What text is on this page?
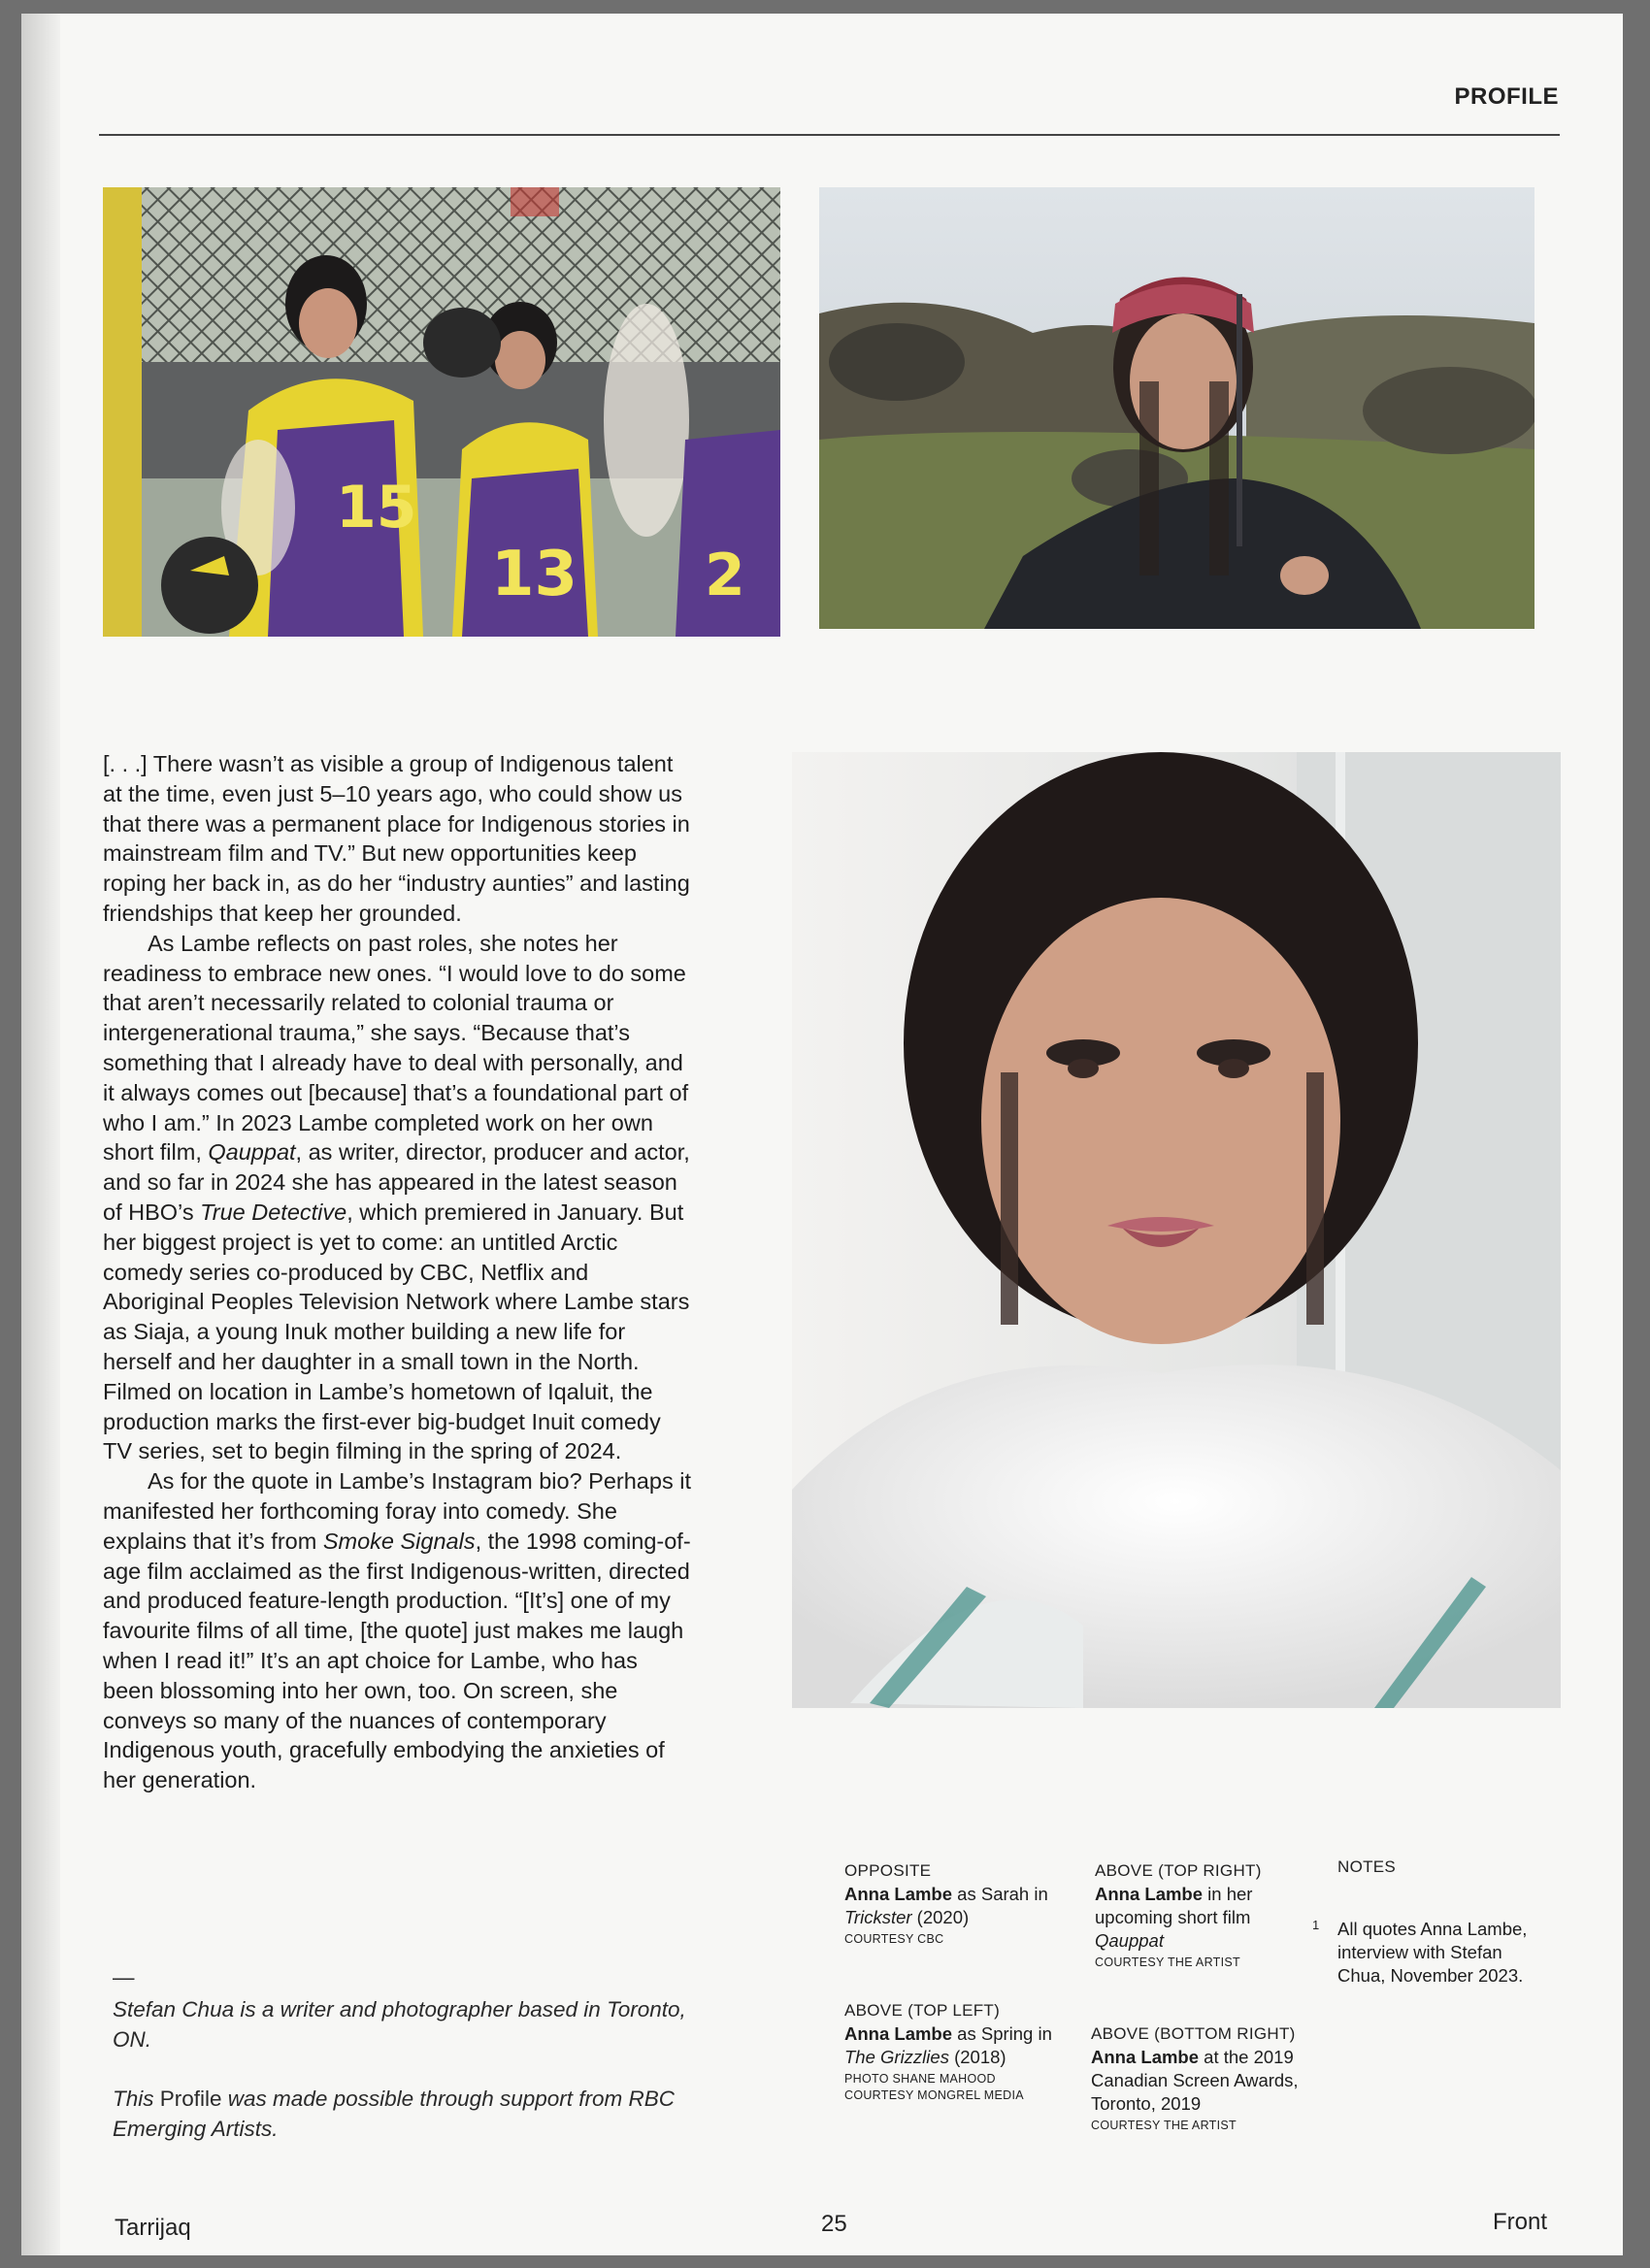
PROFILE
15
13 2

[. . .] There wasn’t as visible a group of Indigenous talent at the time, even just 5–10 years ago, who could show us that there was a permanent place for Indigenous stories in mainstream film and TV.” But new opportunities keep roping her back in, as do her “industry aunties” and lasting friendships that keep her grounded.

As Lambe reflects on past roles, she notes her readiness to embrace new ones. “I would love to do some that aren’t necessarily related to colonial trauma or intergenerational trauma,” she says. “Because that’s something that I already have to deal with personally, and it always comes out [because] that’s a foundational part of who I am.” In 2023 Lambe completed work on her own short film, Qauppat, as writer, director, producer and actor, and so far in 2024 she has appeared in the latest season of HBO’s True Detective, which premiered in January. But her biggest project is yet to come: an untitled Arctic comedy series co-produced by CBC, Netflix and Aboriginal Peoples Television Network where Lambe stars as Siaja, a young Inuk mother building a new life for herself and her daughter in a small town in the North. Filmed on location in Lambe’s hometown of Iqaluit, the production marks the first-ever big-budget Inuit comedy TV series, set to begin filming in the spring of 2024.

As for the quote in Lambe’s Instagram bio? Perhaps it manifested her forthcoming foray into comedy. She explains that it’s from Smoke Signals, the 1998 coming-of-age film acclaimed as the first Indigenous-written, directed and produced feature-length production. “[It’s] one of my favourite films of all time, [the quote] just makes me laugh when I read it!” It’s an apt choice for Lambe, who has been blossoming into her own, too. On screen, she conveys so many of the nuances of contemporary Indigenous youth, gracefully embodying the anxieties of her generation.

—

Stefan Chua is a writer and photographer based in Toronto, ON.

This Profile was made possible through support from RBC Emerging Artists.

OPPOSITE
Anna Lambe as Sarah in Trickster (2020)
COURTESY CBC
ABOVE (TOP LEFT)
Anna Lambe as Spring in The Grizzlies (2018)
PHOTO SHANE MAHOOD
COURTESY MONGREL MEDIA
ABOVE (TOP RIGHT)
Anna Lambe in her upcoming short film Qauppat
COURTESY THE ARTIST
ABOVE (BOTTOM RIGHT)
Anna Lambe at the 2019 Canadian Screen Awards, Toronto, 2019
COURTESY THE ARTIST
NOTES
1 All quotes Anna Lambe, interview with Stefan Chua, November 2023.
Tarrijaq	25	Front
